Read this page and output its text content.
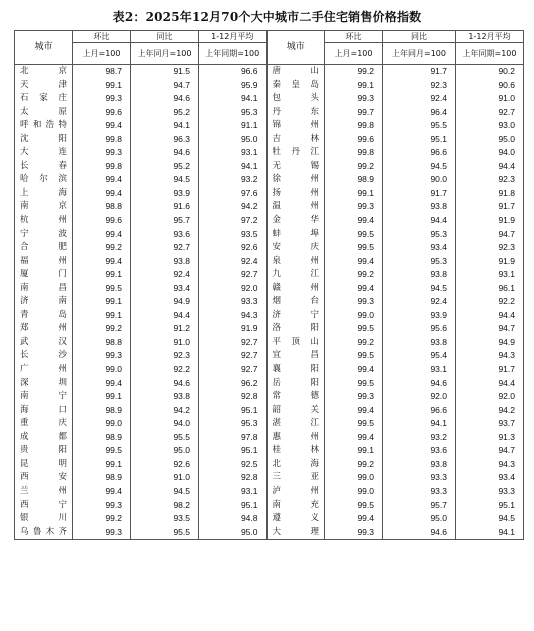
表2：2025年12月70个大中城市二手住宅销售价格指数
城市	环比	同比	1-12月平均	城市	环比	同比	1-12月平均
	上月=100	上年同月=100	上年同期=100		上月=100	上年同月=100	上年同期=100
北京	98.7	91.5	96.6	唐山	99.2	91.7	90.2
天津	99.1	94.7	95.9	秦皇岛	99.1	92.3	90.6
石家庄	99.3	94.6	94.1	包头	99.3	92.4	91.0
太原	99.6	95.2	95.3	丹东	99.7	96.4	92.7
呼和浩特	99.4	94.1	91.1	锦州	99.8	95.5	93.0
沈阳	99.8	96.3	95.0	吉林	99.6	95.1	95.0
大连	99.3	94.6	93.1	牡丹江	99.8	96.6	94.0
长春	99.8	95.2	94.1	无锡	99.2	94.5	94.4
哈尔滨	99.4	94.5	93.2	徐州	98.9	90.0	92.3
上海	99.4	93.9	97.6	扬州	99.1	91.7	91.8
南京	98.8	91.6	94.2	温州	99.3	93.8	91.7
杭州	99.6	95.7	97.2	金华	99.4	94.4	91.9
宁波	99.4	93.6	93.5	蚌埠	99.5	95.3	94.7
合肥	99.2	92.7	92.6	安庆	99.5	93.4	92.3
福州	99.4	93.8	92.4	泉州	99.4	95.3	91.9
厦门	99.1	92.4	92.7	九江	99.2	93.8	93.1
南昌	99.5	93.4	92.0	赣州	99.4	94.5	96.1
济南	99.1	94.9	93.3	烟台	99.3	92.4	92.2
青岛	99.1	94.4	94.3	济宁	99.0	93.9	94.4
郑州	99.2	91.2	91.9	洛阳	99.5	95.6	94.7
武汉	98.8	91.0	92.7	平顶山	99.2	93.8	94.9
长沙	99.3	92.3	92.7	宜昌	99.5	95.4	94.3
广州	99.0	92.2	92.7	襄阳	99.4	93.1	91.7
深圳	99.4	94.6	96.2	岳阳	99.5	94.6	94.4
南宁	99.1	93.8	92.8	常德	99.3	92.0	92.0
海口	98.9	94.2	95.1	韶关	99.4	96.6	94.2
重庆	99.0	94.0	95.3	湛江	99.5	94.1	93.7
成都	98.9	95.5	97.8	惠州	99.4	93.2	91.3
贵阳	99.5	95.0	95.1	桂林	99.1	93.6	94.7
昆明	99.1	92.6	92.5	北海	99.2	93.8	94.3
西安	98.9	91.0	92.8	三亚	99.0	93.3	93.4
兰州	99.4	94.5	93.1	泸州	99.0	93.3	93.3
西宁	99.3	98.2	95.1	南充	99.5	95.7	95.1
银川	99.2	93.5	94.8	遵义	99.4	95.0	94.5
乌鲁木齐	99.3	95.5	95.0	大理	99.3	94.6	94.1
